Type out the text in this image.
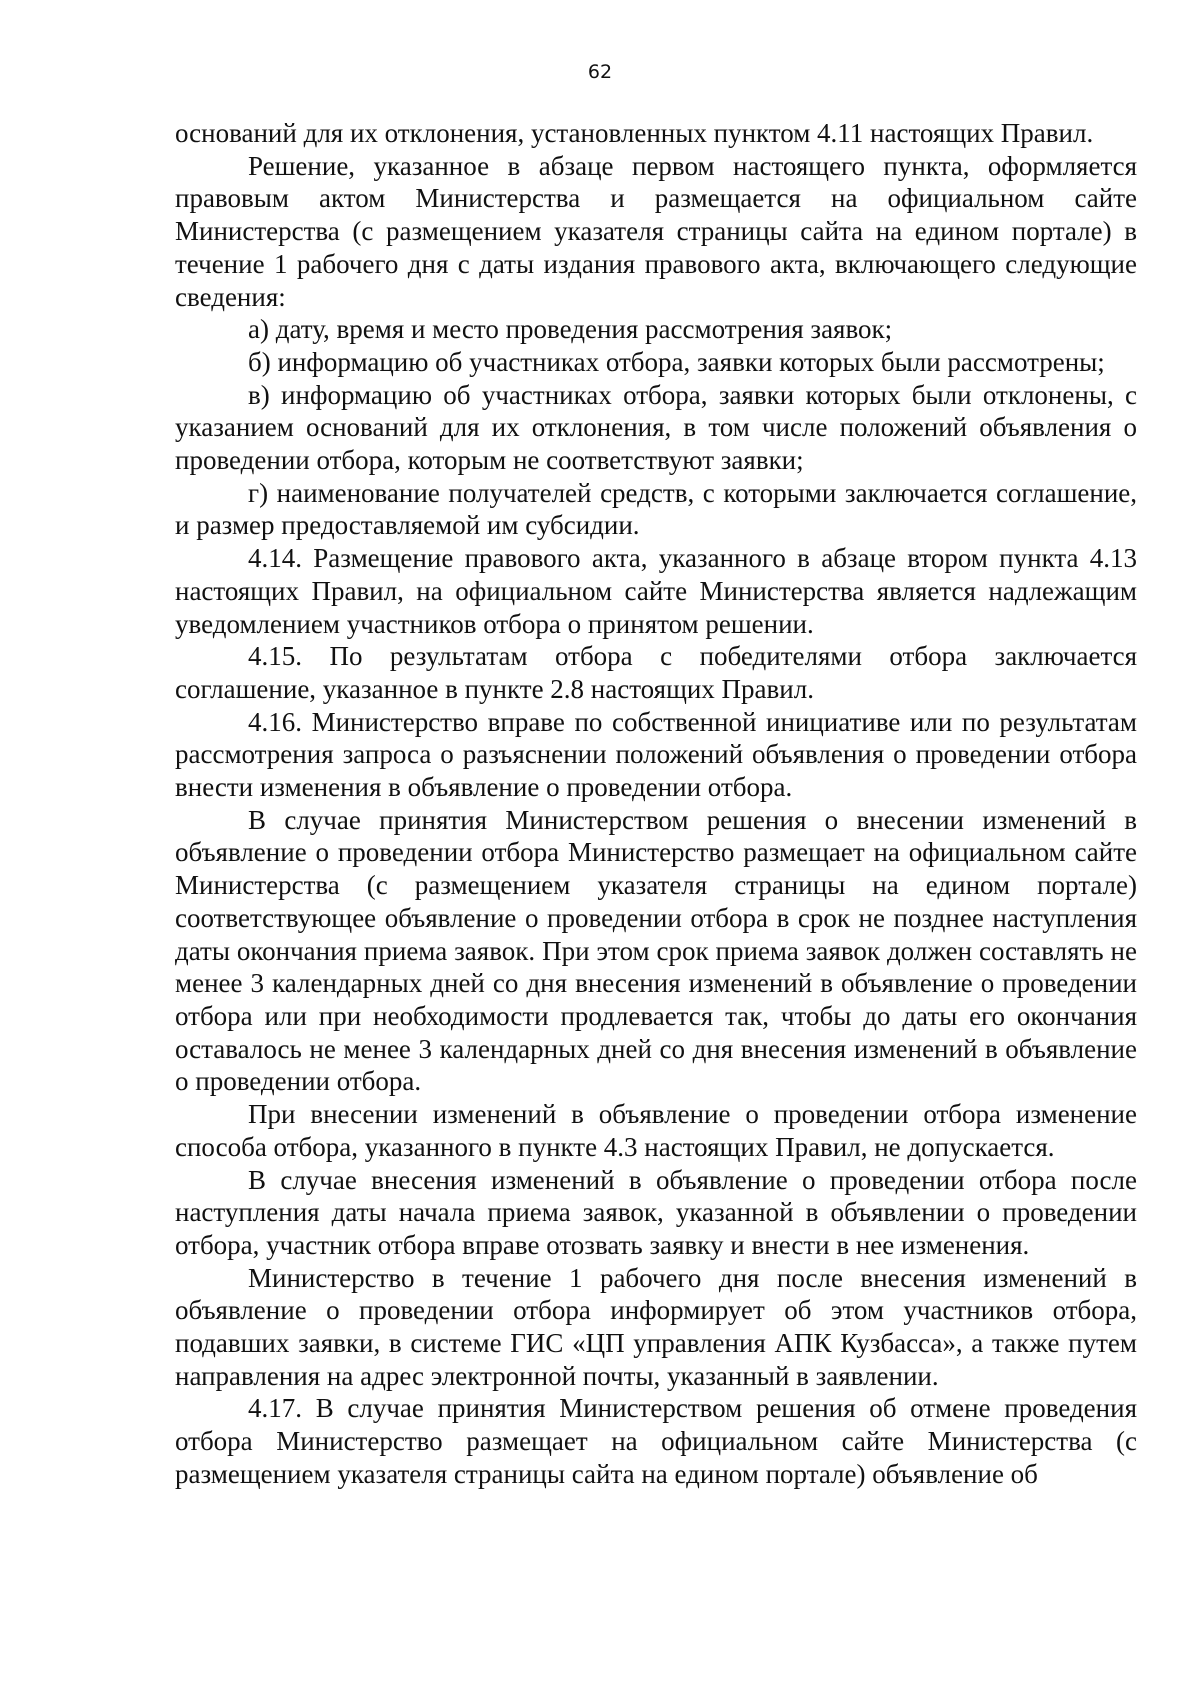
62

оснований для их отклонения, установленных пунктом 4.11 настоящих Правил.

Решение, указанное в абзаце первом настоящего пункта, оформляется правовым актом Министерства и размещается на официальном сайте Министерства (с размещением указателя страницы сайта на едином портале) в течение 1 рабочего дня с даты издания правового акта, включающего следующие сведения:

а) дату, время и место проведения рассмотрения заявок;

б) информацию об участниках отбора, заявки которых были рассмотрены;

в) информацию об участниках отбора, заявки которых были отклонены, с указанием оснований для их отклонения, в том числе положений объявления о проведении отбора, которым не соответствуют заявки;

г) наименование получателей средств, с которыми заключается соглашение, и размер предоставляемой им субсидии.

4.14. Размещение правового акта, указанного в абзаце втором пункта 4.13 настоящих Правил, на официальном сайте Министерства является надлежащим уведомлением участников отбора о принятом решении.

4.15. По результатам отбора с победителями отбора заключается соглашение, указанное в пункте 2.8 настоящих Правил.

4.16. Министерство вправе по собственной инициативе или по результатам рассмотрения запроса о разъяснении положений объявления о проведении отбора внести изменения в объявление о проведении отбора.

В случае принятия Министерством решения о внесении изменений в объявление о проведении отбора Министерство размещает на официальном сайте Министерства (с размещением указателя страницы на едином портале) соответствующее объявление о проведении отбора в срок не позднее наступления даты окончания приема заявок. При этом срок приема заявок должен составлять не менее 3 календарных дней со дня внесения изменений в объявление о проведении отбора или при необходимости продлевается так, чтобы до даты его окончания оставалось не менее 3 календарных дней со дня внесения изменений в объявление о проведении отбора.

При внесении изменений в объявление о проведении отбора изменение способа отбора, указанного в пункте 4.3 настоящих Правил, не допускается.

В случае внесения изменений в объявление о проведении отбора после наступления даты начала приема заявок, указанной в объявлении о проведении отбора, участник отбора вправе отозвать заявку и внести в нее изменения.

Министерство в течение 1 рабочего дня после внесения изменений в объявление о проведении отбора информирует об этом участников отбора, подавших заявки, в системе ГИС «ЦП управления АПК Кузбасса», а также путем направления на адрес электронной почты, указанный в заявлении.

4.17. В случае принятия Министерством решения об отмене проведения отбора Министерство размещает на официальном сайте Министерства (с размещением указателя страницы сайта на едином портале) объявление об
